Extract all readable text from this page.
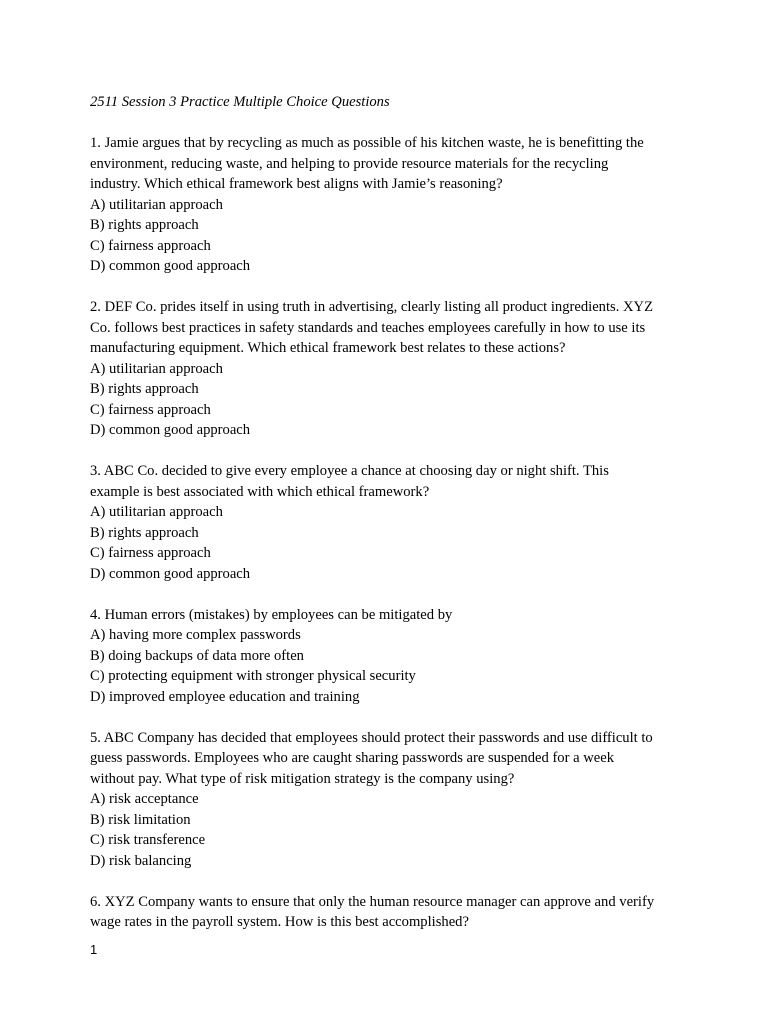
2511 Session 3 Practice Multiple Choice Questions

1. Jamie argues that by recycling as much as possible of his kitchen waste, he is benefitting the
environment, reducing waste, and helping to provide resource materials for the recycling
industry. Which ethical framework best aligns with Jamie’s reasoning?

A) utilitarian approach

B) rights approach

C) fairness approach

D) common good approach

2. DEF Co. prides itself in using truth in advertising, clearly listing all product ingredients. XYZ
Co. follows best practices in safety standards and teaches employees carefully in how to use its
manufacturing equipment. Which ethical framework best relates to these actions?

A) utilitarian approach

B) rights approach

C) fairness approach

D) common good approach

3. ABC Co. decided to give every employee a chance at choosing day or night shift. This
example is best associated with which ethical framework?

A) utilitarian approach

B) rights approach

C) fairness approach

D) common good approach

4. Human errors (mistakes) by employees can be mitigated by

A) having more complex passwords

B) doing backups of data more often

C) protecting equipment with stronger physical security

D) improved employee education and training

5. ABC Company has decided that employees should protect their passwords and use difficult to
guess passwords. Employees who are caught sharing passwords are suspended for a week
without pay. What type of risk mitigation strategy is the company using?

A) risk acceptance

B) risk limitation

C) risk transference

D) risk balancing

6. XYZ Company wants to ensure that only the human resource manager can approve and verify
wage rates in the payroll system. How is this best accomplished?

1
